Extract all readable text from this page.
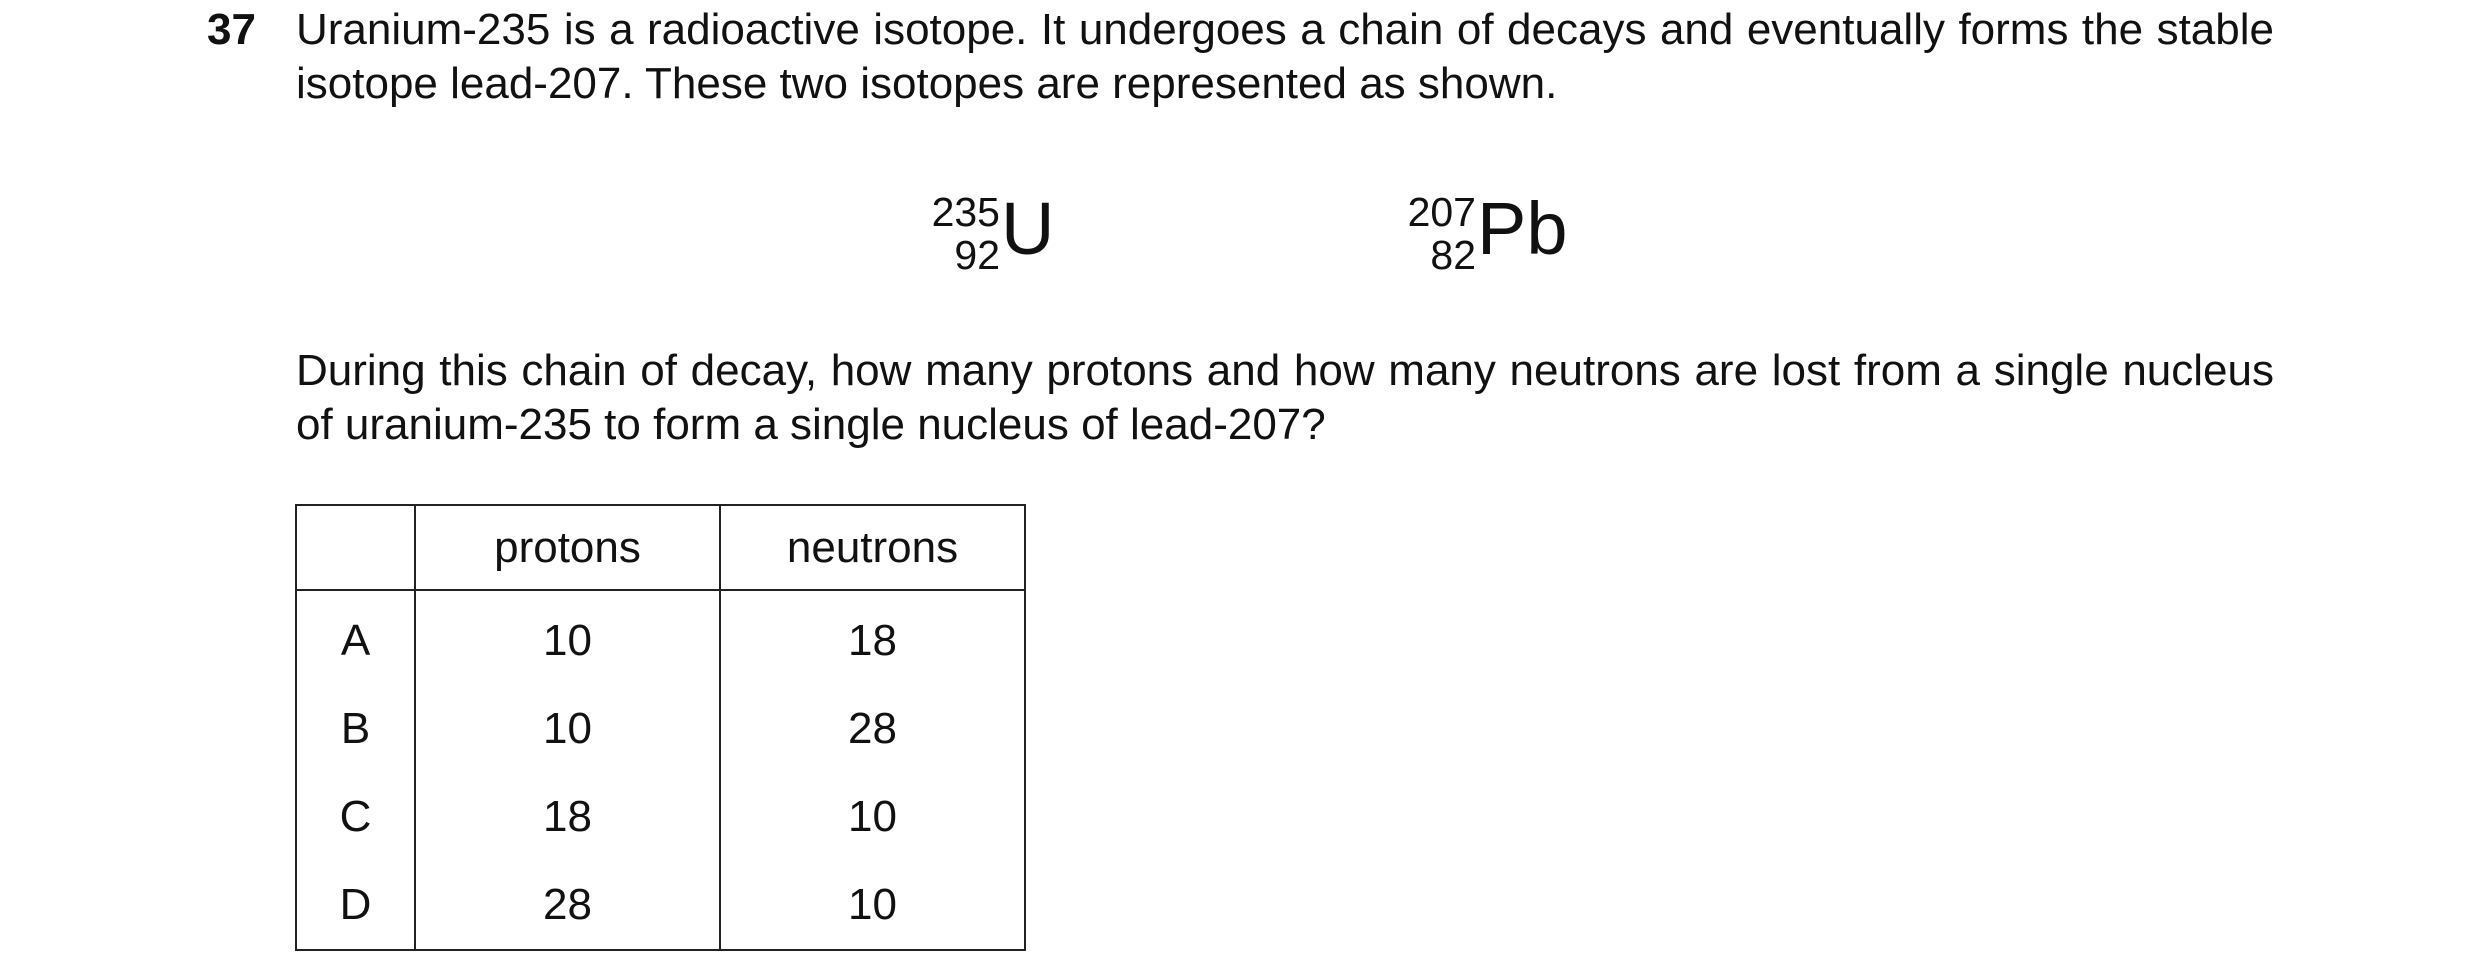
37 Uranium-235 is a radioactive isotope. It undergoes a chain of decays and eventually forms the stable isotope lead-207. These two isotopes are represented as shown.
235
92 U	207
82 Pb
During this chain of decay, how many protons and how many neutrons are lost from a single nucleus of uranium-235 to form a single nucleus of lead-207?
	protons	neutrons
A	10	18
B	10	28
C	18	10
D	28	10
